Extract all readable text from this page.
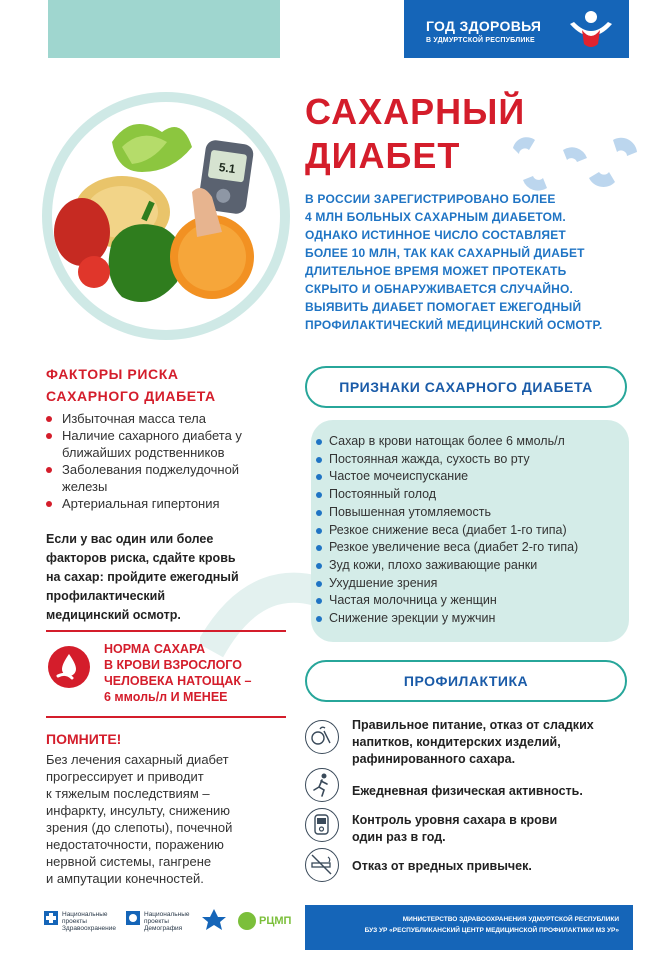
ГОД ЗДОРОВЬЯ
В УДМУРТСКОЙ РЕСПУБЛИКЕ
5.1
САХАРНЫЙ
ДИАБЕТ
В РОССИИ ЗАРЕГИСТРИРОВАНО БОЛЕЕ
4 МЛН БОЛЬНЫХ САХАРНЫМ ДИАБЕТОМ.
ОДНАКО ИСТИННОЕ ЧИСЛО СОСТАВЛЯЕТ
БОЛЕЕ 10 МЛН, ТАК КАК САХАРНЫЙ ДИАБЕТ
ДЛИТЕЛЬНОЕ ВРЕМЯ МОЖЕТ ПРОТЕКАТЬ
СКРЫТО И ОБНАРУЖИВАЕТСЯ СЛУЧАЙНО.
ВЫЯВИТЬ ДИАБЕТ ПОМОГАЕТ ЕЖЕГОДНЫЙ
ПРОФИЛАКТИЧЕСКИЙ МЕДИЦИНСКИЙ ОСМОТР.
ФАКТОРЫ РИСКА
САХАРНОГО ДИАБЕТА
Избыточная масса тела
Наличие сахарного диабета у ближайших родственников
Заболевания поджелудочной железы
Артериальная гипертония
Если у вас один или более
факторов риска, сдайте кровь
на сахар: пройдите ежегодный
профилактический
медицинский осмотр.
НОРМА САХАРА
В КРОВИ ВЗРОСЛОГО
ЧЕЛОВЕКА НАТОЩАК –
6 ммоль/л И МЕНЕЕ
ПОМНИТЕ!
Без лечения сахарный диабет
прогрессирует и приводит
к тяжелым последствиям –
инфаркту, инсульту, снижению
зрения (до слепоты), почечной
недостаточности, поражению
нервной системы, гангрене
и ампутации конечностей.
ПРИЗНАКИ САХАРНОГО ДИАБЕТА
Сахар в крови натощак более 6 ммоль/л
Постоянная жажда, сухость во рту
Частое мочеиспускание
Постоянный голод
Повышенная утомляемость
Резкое снижение веса (диабет 1-го типа)
Резкое увеличение веса (диабет 2-го типа)
Зуд кожи, плохо заживающие ранки
Ухудшение зрения
Частая молочница у женщин
Снижение эрекции у мужчин
ПРОФИЛАКТИКА
Правильное питание, отказ от сладких
напитков, кондитерских изделий,
рафинированного сахара.
Ежедневная физическая активность.
Контроль уровня сахара в крови
один раз в год.
Отказ от вредных привычек.
Национальные
проекты
Здравоохранение
Национальные
проекты
Демография
РЦМП	МИНИСТЕРСТВО ЗДРАВООХРАНЕНИЯ УДМУРТСКОЙ РЕСПУБЛИКИ
БУЗ УР «РЕСПУБЛИКАНСКИЙ ЦЕНТР МЕДИЦИНСКОЙ ПРОФИЛАКТИКИ МЗ УР»
